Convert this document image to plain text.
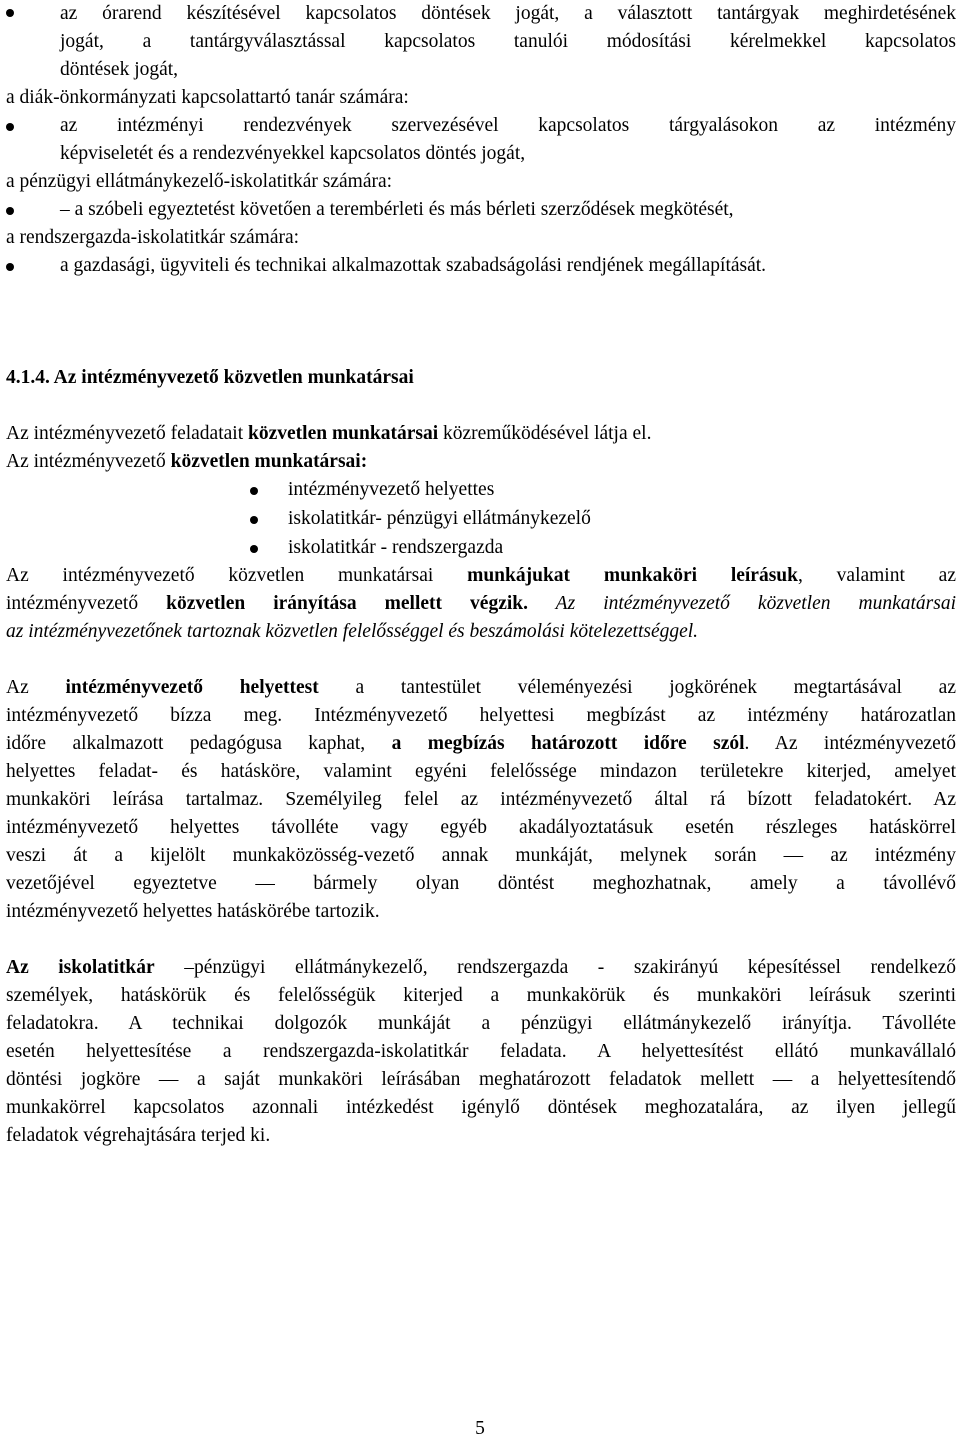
az órarend készítésével kapcsolatos döntések jogát, a választott tantárgyak meghirdetésének
jogát, a tantárgyválasztással kapcsolatos tanulói módosítási kérelmekkel kapcsolatos
döntések jogát,
a diák-önkormányzati kapcsolattartó tanár számára:
az intézményi rendezvények szervezésével kapcsolatos tárgyalásokon az intézmény
képviseletét és a rendezvényekkel kapcsolatos döntés jogát,
a pénzügyi ellátmánykezelő-iskolatitkár számára:
– a szóbeli egyeztetést követően a terembérleti és más bérleti szerződések megkötését,
a rendszergazda-iskolatitkár számára:
a gazdasági, ügyviteli és technikai alkalmazottak szabadságolási rendjének megállapítását.
4.1.4. Az intézményvezető közvetlen munkatársai
Az intézményvezető feladatait közvetlen munkatársai közreműködésével látja el.
Az intézményvezető közvetlen munkatársai:
intézményvezető helyettes
iskolatitkár- pénzügyi ellátmánykezelő
iskolatitkár - rendszergazda
Az intézményvezető közvetlen munkatársai munkájukat munkaköri leírásuk, valamint az
intézményvezető közvetlen irányítása mellett végzik. Az intézményvezető közvetlen munkatársai
az intézményvezetőnek tartoznak közvetlen felelősséggel és beszámolási kötelezettséggel.
Az intézményvezető helyettest a tantestület véleményezési jogkörének megtartásával az
intézményvezető bízza meg. Intézményvezető helyettesi megbízást az intézmény határozatlan
időre alkalmazott pedagógusa kaphat, a megbízás határozott időre szól. Az intézményvezető
helyettes feladat- és hatásköre, valamint egyéni felelőssége mindazon területekre kiterjed, amelyet
munkaköri leírása tartalmaz. Személyileg felel az intézményvezető által rá bízott feladatokért. Az
intézményvezető helyettes távolléte vagy egyéb akadályoztatásuk esetén részleges hatáskörrel
veszi át a kijelölt munkaközösség-vezető annak munkáját, melynek során — az intézmény
vezetőjével egyeztetve — bármely olyan döntést meghozhatnak, amely a távollévő
intézményvezető helyettes hatáskörébe tartozik.
Az iskolatitkár –pénzügyi ellátmánykezelő, rendszergazda - szakirányú képesítéssel rendelkező
személyek, hatáskörük és felelősségük kiterjed a munkakörük és munkaköri leírásuk szerinti
feladatokra. A technikai dolgozók munkáját a pénzügyi ellátmánykezelő irányítja. Távolléte
esetén helyettesítése a rendszergazda-iskolatitkár feladata. A helyettesítést ellátó munkavállaló
döntési jogköre — a saját munkaköri leírásában meghatározott feladatok mellett — a helyettesítendő
munkakörrel kapcsolatos azonnali intézkedést igénylő döntések meghozatalára, az ilyen jellegű
feladatok végrehajtására terjed ki.
5
